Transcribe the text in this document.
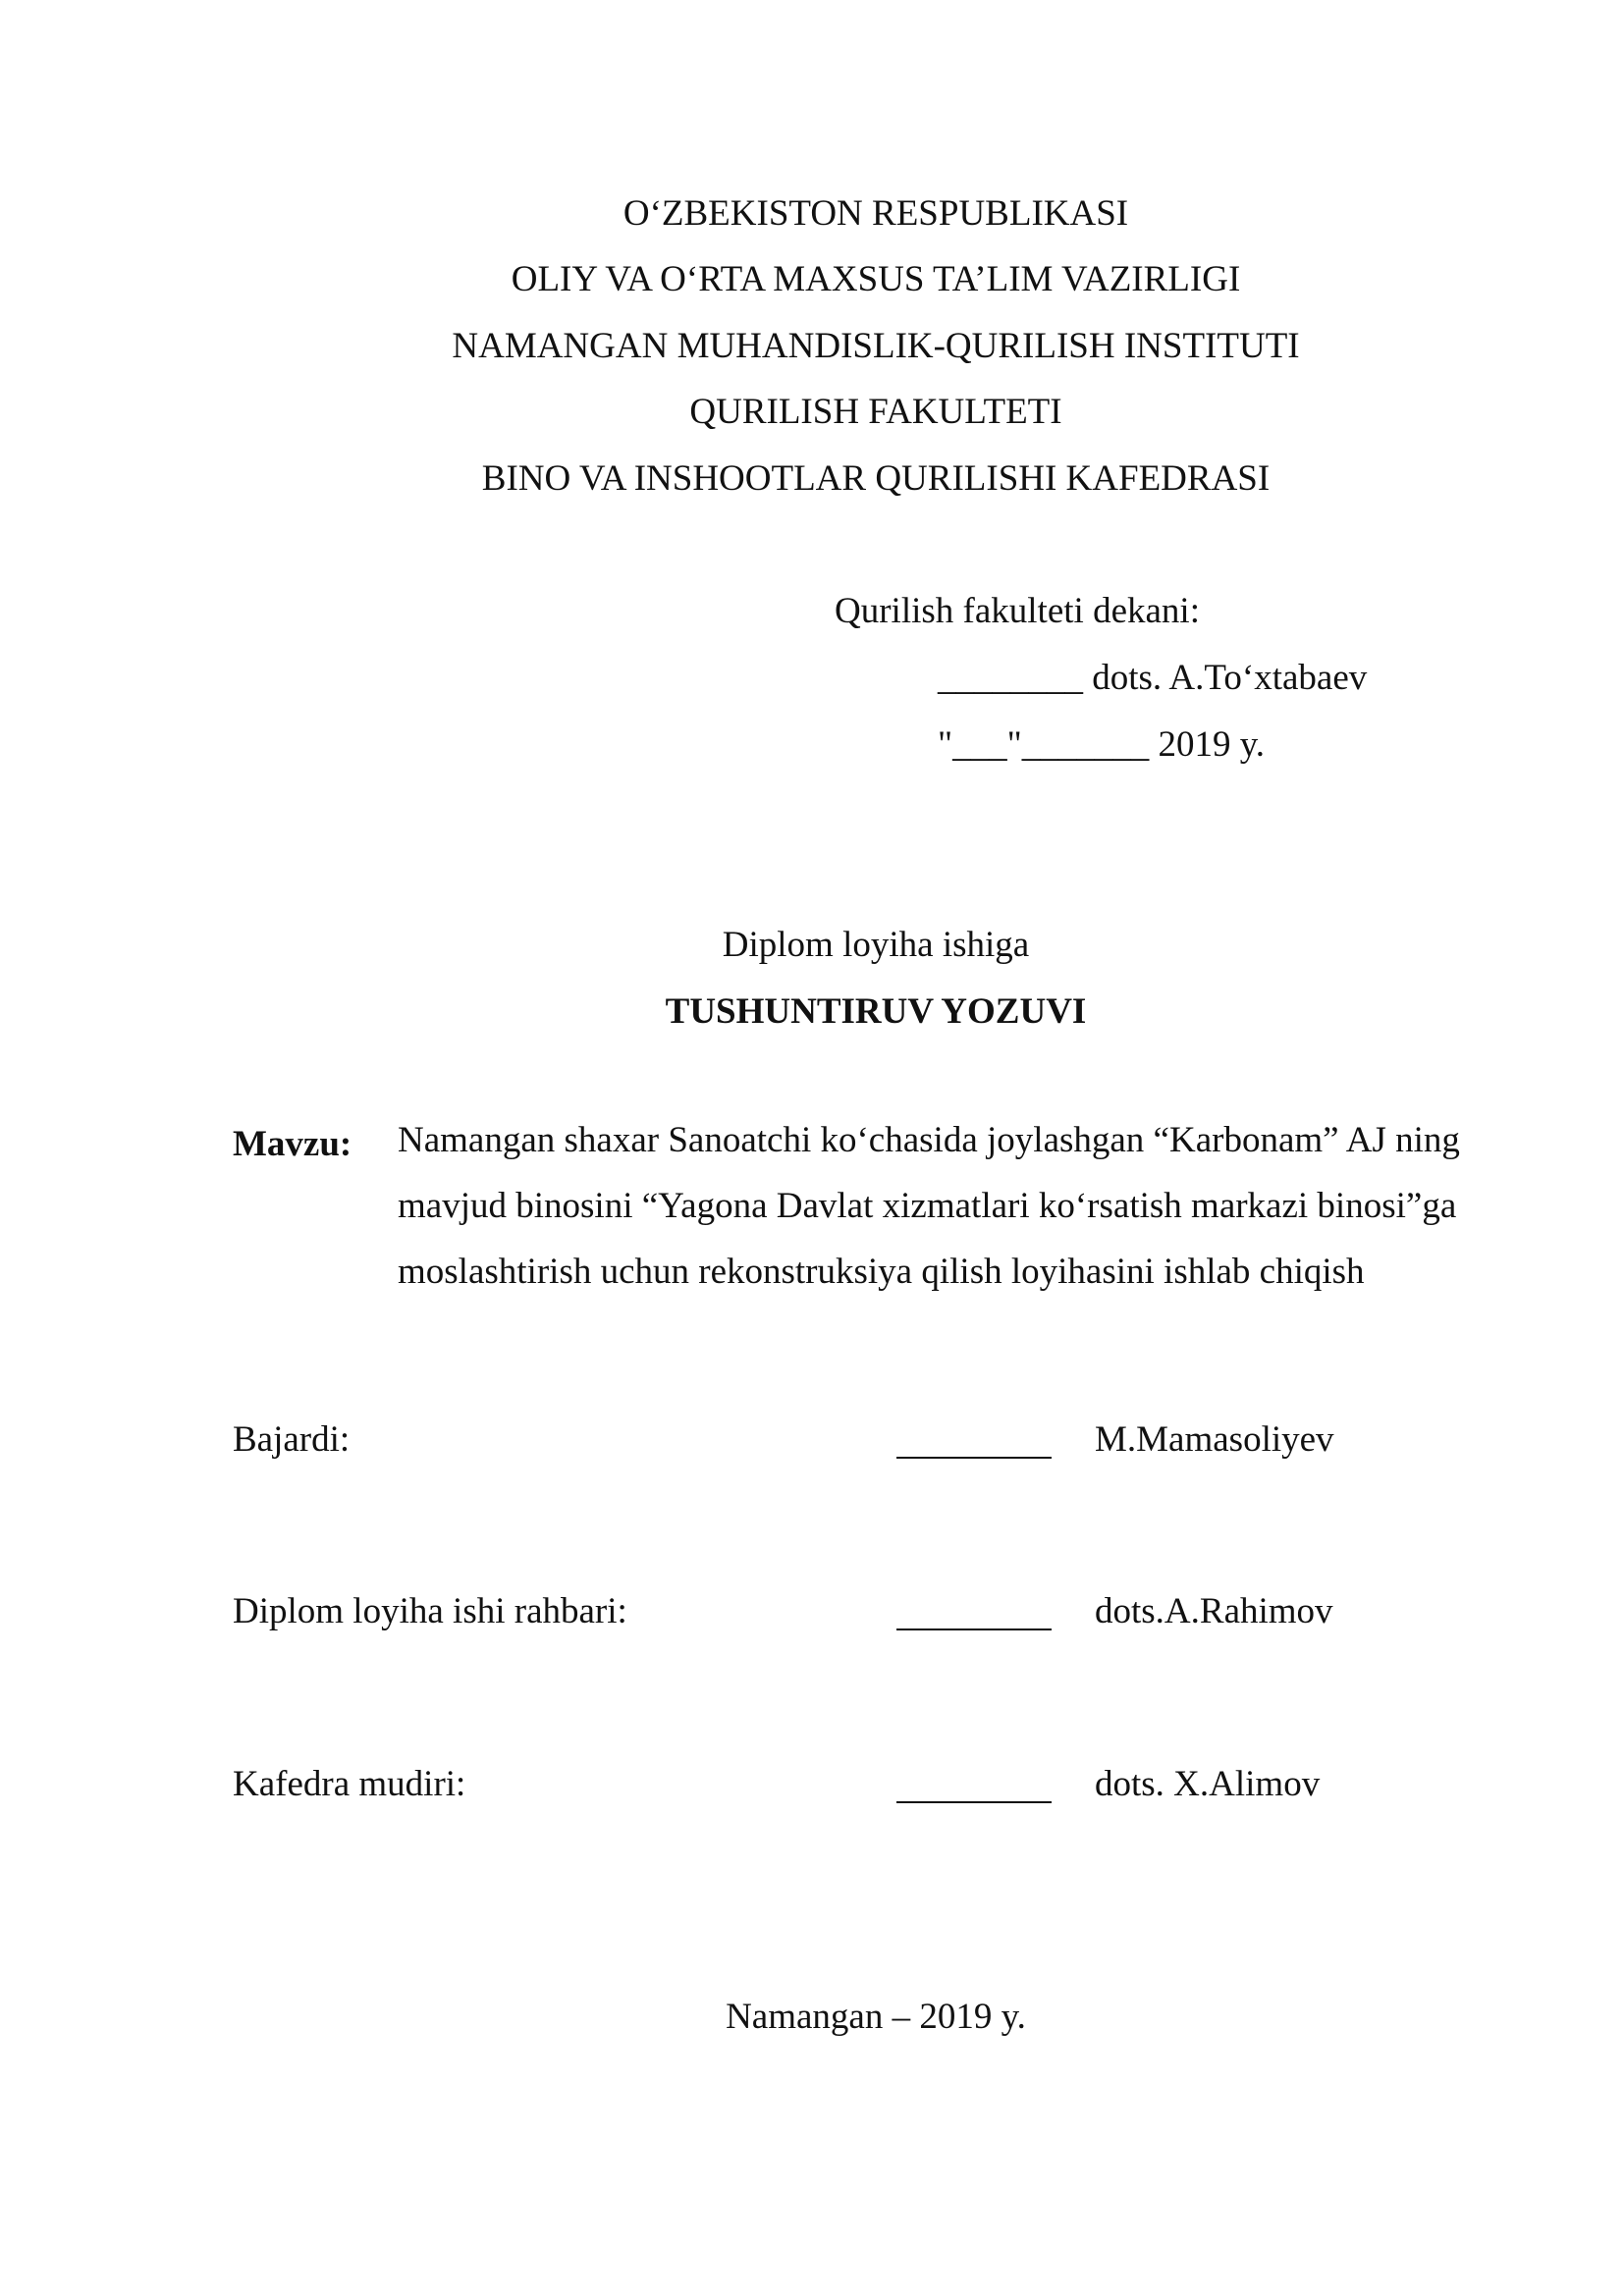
O‘ZBEKISTON RESPUBLIKASI
OLIY VA O‘RTA MAXSUS TA’LIM VAZIRLIGI
NAMANGAN MUHANDISLIK-QURILISH INSTITUTI
QURILISH FAKULTETI
BINO VA INSHOOTLAR QURILISHI KAFEDRASI
Qurilish fakulteti dekani:
________ dots. A.To‘xtabaev
"___"_______ 2019 y.
Diplom loyiha ishiga
TUSHUNTIRUV YOZUVI
Mavzu: Namangan shaxar Sanoatchi ko‘chasida joylashgan “Karbonam” AJ ning
mavjud binosini “Yagona Davlat xizmatlari ko‘rsatish markazi binosi”ga
moslashtirish uchun rekonstruksiya qilish loyihasini ishlab chiqish
Bajardi:	M.Mamasoliyev
Diplom loyiha ishi rahbari:	dots.A.Rahimov
Kafedra mudiri:	dots. X.Alimov
Namangan – 2019 y.
